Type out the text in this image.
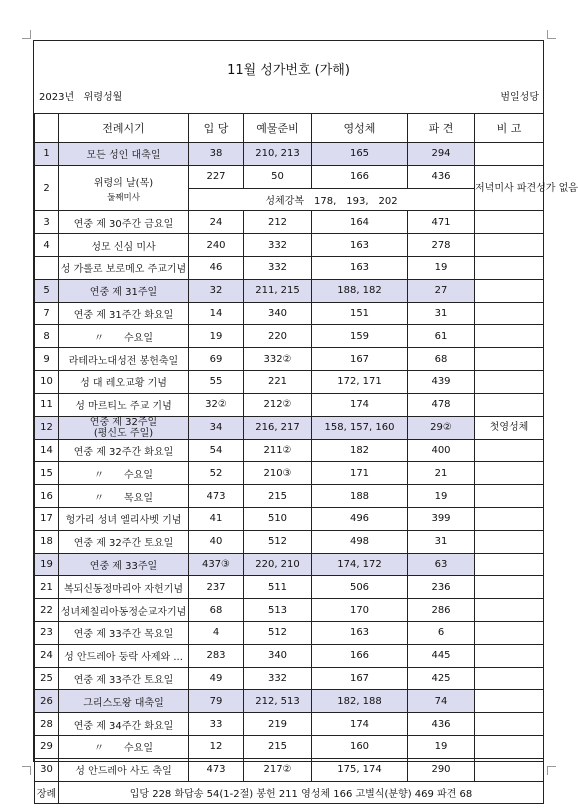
11월 성가번호 (가해)
2023년 위령성월	범일성당
	전례시기	입 당	예물준비	영성체	파 견	비 고
1	모든 성인 대축일	38	210, 213	165	294	
2	위령의 날(목)
둘째미사	227	50	166	436	저녁미사 파견성가 없음
		성체강복　178,　193,　202				
3	연중 제 30주간 금요일	24	212	164	471	
4	성모 신심 미사	240	332	163	278	
	성 가롤로 보로메오 주교기념	46	332	163	19	
5	연중 제 31주일	32	211, 215	188, 182	27	
7	연중 제 31주간 화요일	14	340	151	31	
8	〃　　수요일	19	220	159	61	
9	라테라노대성전 봉헌축일	69	332②	167	68	
10	성 대 레오교황 기념	55	221	172, 171	439	
11	성 마르티노 주교 기념	32②	212②	174	478	
12	연중 제 32주일
(평신도 주일)	34	216, 217	158, 157, 160	29②	첫영성체
14	연중 제 32주간 화요일	54	211②	182	400	
15	〃　　수요일	52	210③	171	21	
16	〃　　목요일	473	215	188	19	
17	헝가리 성녀 엘리사벳 기념	41	510	496	399	
18	연중 제 32주간 토요일	40	512	498	31	
19	연중 제 33주일	437③	220, 210	174, 172	63	
21	복되신동정마리아 자헌기념	237	511	506	236	
22	성녀체칠리아동정순교자기념	68	513	170	286	
23	연중 제 33주간 목요일	4	512	163	6	
24	성 안드레아 둥락 사제와 ...	283	340	166	445	
25	연중 제 33주간 토요일	49	332	167	425	
26	그리스도왕 대축일	79	212, 513	182, 188	74	
28	연중 제 34주간 화요일	33	219	174	436	
29	〃　　수요일	12	215	160	19	
30	성 안드레아 사도 축일	473	217②	175, 174	290	
장례	입당 228 화답송 54(1-2절) 봉헌 211 영성체 166 고별식(분향) 469 파견 68					
